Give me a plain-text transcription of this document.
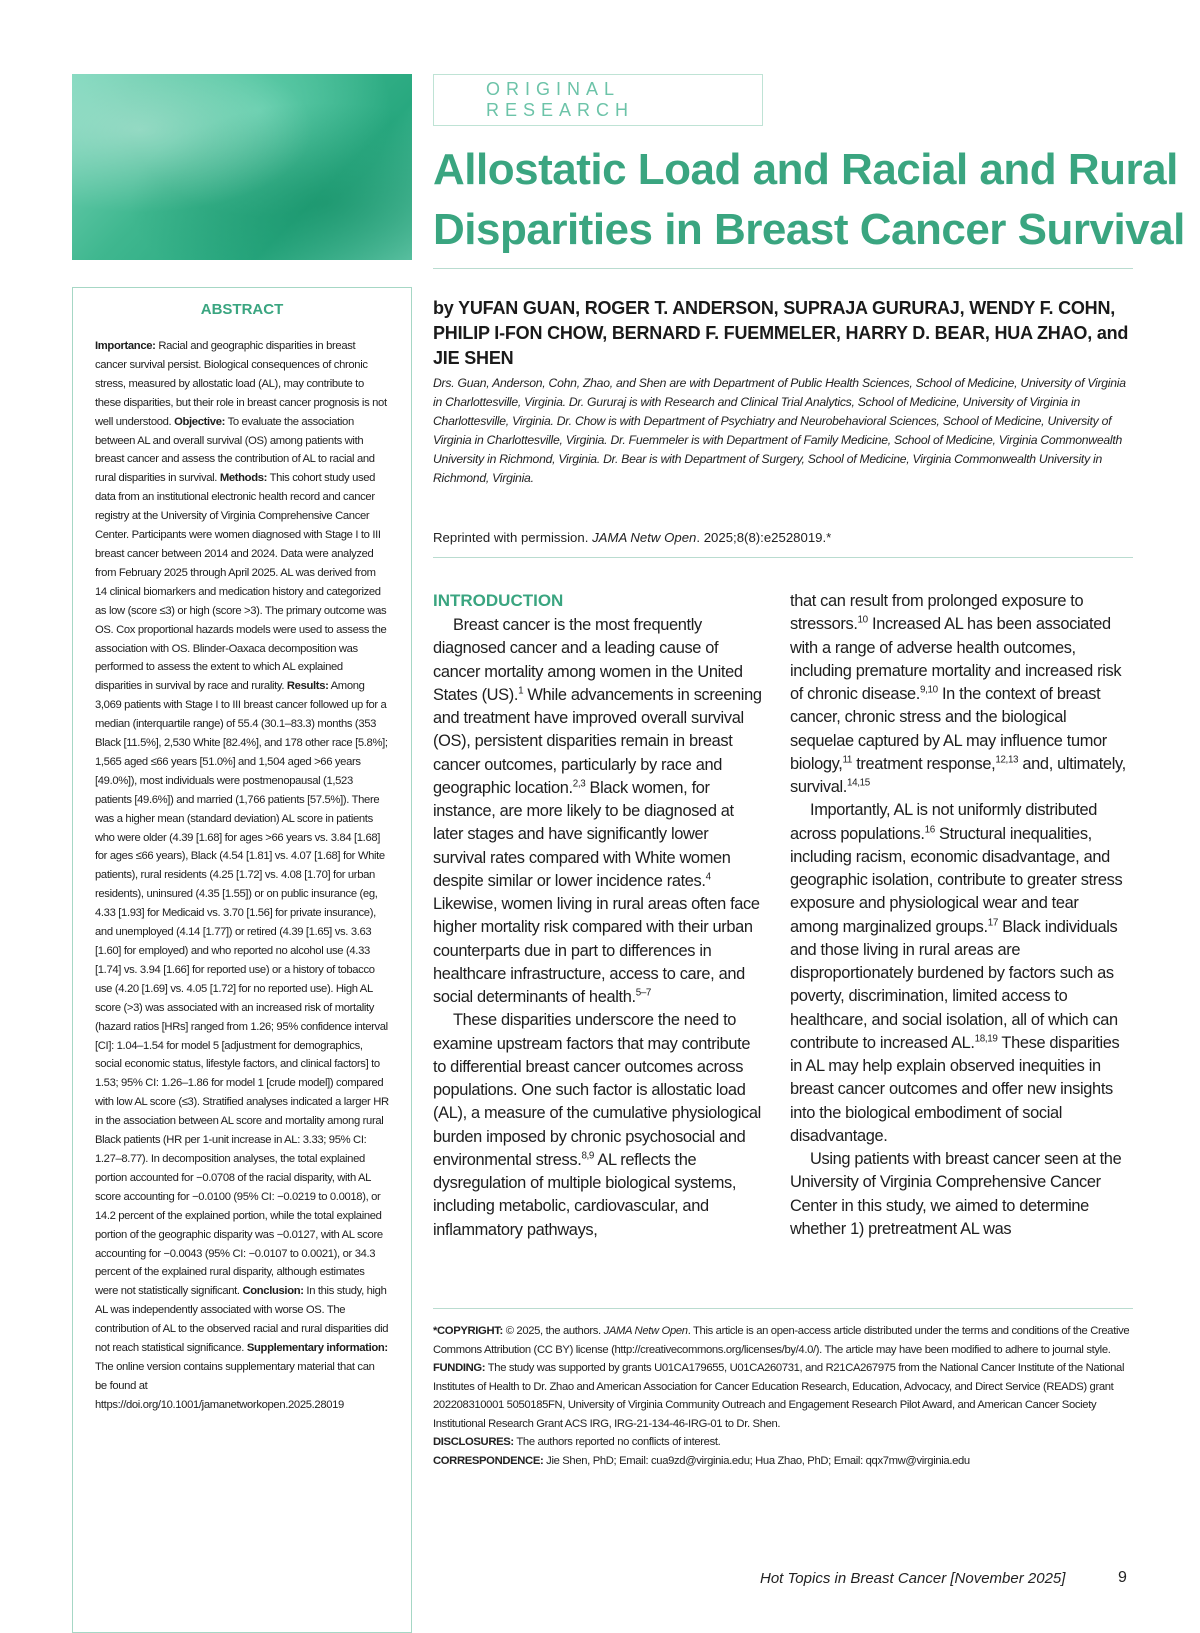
ORIGINAL RESEARCH
Allostatic Load and Racial and Rural
Disparities in Breast Cancer Survival
ABSTRACT

Importance: Racial and geographic disparities in breast cancer survival persist. Biological consequences of chronic stress, measured by allostatic load (AL), may contribute to these disparities, but their role in breast cancer prognosis is not well understood. Objective: To evaluate the association between AL and overall survival (OS) among patients with breast cancer and assess the contribution of AL to racial and rural disparities in survival. Methods: This cohort study used data from an institutional electronic health record and cancer registry at the University of Virginia Comprehensive Cancer Center. Participants were women diagnosed with Stage I to III breast cancer between 2014 and 2024. Data were analyzed from February 2025 through April 2025. AL was derived from 14 clinical biomarkers and medication history and categorized as low (score ≤3) or high (score >3). The primary outcome was OS. Cox proportional hazards models were used to assess the association with OS. Blinder-Oaxaca decomposition was performed to assess the extent to which AL explained disparities in survival by race and rurality. Results: Among 3,069 patients with Stage I to III breast cancer followed up for a median (interquartile range) of 55.4 (30.1–83.3) months (353 Black [11.5%], 2,530 White [82.4%], and 178 other race [5.8%]; 1,565 aged ≤66 years [51.0%] and 1,504 aged >66 years [49.0%]), most individuals were postmenopausal (1,523 patients [49.6%]) and married (1,766 patients [57.5%]). There was a higher mean (standard deviation) AL score in patients who were older (4.39 [1.68] for ages >66 years vs. 3.84 [1.68] for ages ≤66 years), Black (4.54 [1.81] vs. 4.07 [1.68] for White patients), rural residents (4.25 [1.72] vs. 4.08 [1.70] for urban residents), uninsured (4.35 [1.55]) or on public insurance (eg, 4.33 [1.93] for Medicaid vs. 3.70 [1.56] for private insurance), and unemployed (4.14 [1.77]) or retired (4.39 [1.65] vs. 3.63 [1.60] for employed) and who reported no alcohol use (4.33 [1.74] vs. 3.94 [1.66] for reported use) or a history of tobacco use (4.20 [1.69] vs. 4.05 [1.72] for no reported use). High AL score (>3) was associated with an increased risk of mortality (hazard ratios [HRs] ranged from 1.26; 95% confidence interval [CI]: 1.04–1.54 for model 5 [adjustment for demographics, social economic status, lifestyle factors, and clinical factors] to 1.53; 95% CI: 1.26–1.86 for model 1 [crude model]) compared with low AL score (≤3). Stratified analyses indicated a larger HR in the association between AL score and mortality among rural Black patients (HR per 1-unit increase in AL: 3.33; 95% CI: 1.27–8.77). In decomposition analyses, the total explained portion accounted for −0.0708 of the racial disparity, with AL score accounting for −0.0100 (95% CI: −0.0219 to 0.0018), or 14.2 percent of the explained portion, while the total explained portion of the geographic disparity was −0.0127, with AL score accounting for −0.0043 (95% CI: −0.0107 to 0.0021), or 34.3 percent of the explained rural disparity, although estimates were not statistically significant. Conclusion: In this study, high AL was independently associated with worse OS. The contribution of AL to the observed racial and rural disparities did not reach statistical significance. Supplementary information: The online version contains supplementary material that can be found at https://doi.org/10.1001/jamanetworkopen.2025.28019

by YUFAN GUAN, ROGER T. ANDERSON, SUPRAJA GURURAJ, WENDY F. COHN, PHILIP I-FON CHOW, BERNARD F. FUEMMELER, HARRY D. BEAR, HUA ZHAO, and JIE SHEN

Drs. Guan, Anderson, Cohn, Zhao, and Shen are with Department of Public Health Sciences, School of Medicine, University of Virginia in Charlottesville, Virginia. Dr. Gururaj is with Research and Clinical Trial Analytics, School of Medicine, University of Virginia in Charlottesville, Virginia. Dr. Chow is with Department of Psychiatry and Neurobehavioral Sciences, School of Medicine, University of Virginia in Charlottesville, Virginia. Dr. Fuemmeler is with Department of Family Medicine, School of Medicine, Virginia Commonwealth University in Richmond, Virginia. Dr. Bear is with Department of Surgery, School of Medicine, Virginia Commonwealth University in Richmond, Virginia.

Reprinted with permission. JAMA Netw Open. 2025;8(8):e2528019.*

INTRODUCTION

Breast cancer is the most frequently diagnosed cancer and a leading cause of cancer mortality among women in the United States (US).$^1$ While advancements in screening and treatment have improved overall survival (OS), persistent disparities remain in breast cancer outcomes, particularly by race and geographic location.$^{2,3}$ Black women, for instance, are more likely to be diagnosed at later stages and have significantly lower survival rates compared with White women despite similar or lower incidence rates.$^4$ Likewise, women living in rural areas often face higher mortality risk compared with their urban counterparts due in part to differences in healthcare infrastructure, access to care, and social determinants of health.$^{5-7}$

These disparities underscore the need to examine upstream factors that may contribute to differential breast cancer outcomes across populations. One such factor is allostatic load (AL), a measure of the cumulative physiological burden imposed by chronic psychosocial and environmental stress.$^{8,9}$ AL reflects the dysregulation of multiple biological systems, including metabolic, cardiovascular, and inflammatory pathways,

that can result from prolonged exposure to stressors.$^{10}$ Increased AL has been associated with a range of adverse health outcomes, including premature mortality and increased risk of chronic disease.$^{9,10}$ In the context of breast cancer, chronic stress and the biological sequelae captured by AL may influence tumor biology,$^{11}$ treatment response,$^{12,13}$ and, ultimately, survival.$^{14,15}$

Importantly, AL is not uniformly distributed across populations.$^{16}$ Structural inequalities, including racism, economic disadvantage, and geographic isolation, contribute to greater stress exposure and physiological wear and tear among marginalized groups.$^{17}$ Black individuals and those living in rural areas are disproportionately burdened by factors such as poverty, discrimination, limited access to healthcare, and social isolation, all of which can contribute to increased AL.$^{18,19}$ These disparities in AL may help explain observed inequities in breast cancer outcomes and offer new insights into the biological embodiment of social disadvantage.

Using patients with breast cancer seen at the University of Virginia Comprehensive Cancer Center in this study, we aimed to determine whether 1) pretreatment AL was

*COPYRIGHT: © 2025, the authors. JAMA Netw Open. This article is an open-access article distributed under the terms and conditions of the Creative Commons Attribution (CC BY) license (http://creativecommons.org/licenses/by/4.0/). The article may have been modified to adhere to journal style.

FUNDING: The study was supported by grants U01CA179655, U01CA260731, and R21CA267975 from the National Cancer Institute of the National Institutes of Health to Dr. Zhao and American Association for Cancer Education Research, Education, Advocacy, and Direct Service (READS) grant 202208310001 5050185FN, University of Virginia Community Outreach and Engagement Research Pilot Award, and American Cancer Society Institutional Research Grant ACS IRG, IRG-21-134-46-IRG-01 to Dr. Shen.

DISCLOSURES: The authors reported no conflicts of interest.

CORRESPONDENCE: Jie Shen, PhD; Email: cua9zd@virginia.edu; Hua Zhao, PhD; Email: qqx7mw@virginia.edu

Hot Topics in Breast Cancer [November 2025]	9
